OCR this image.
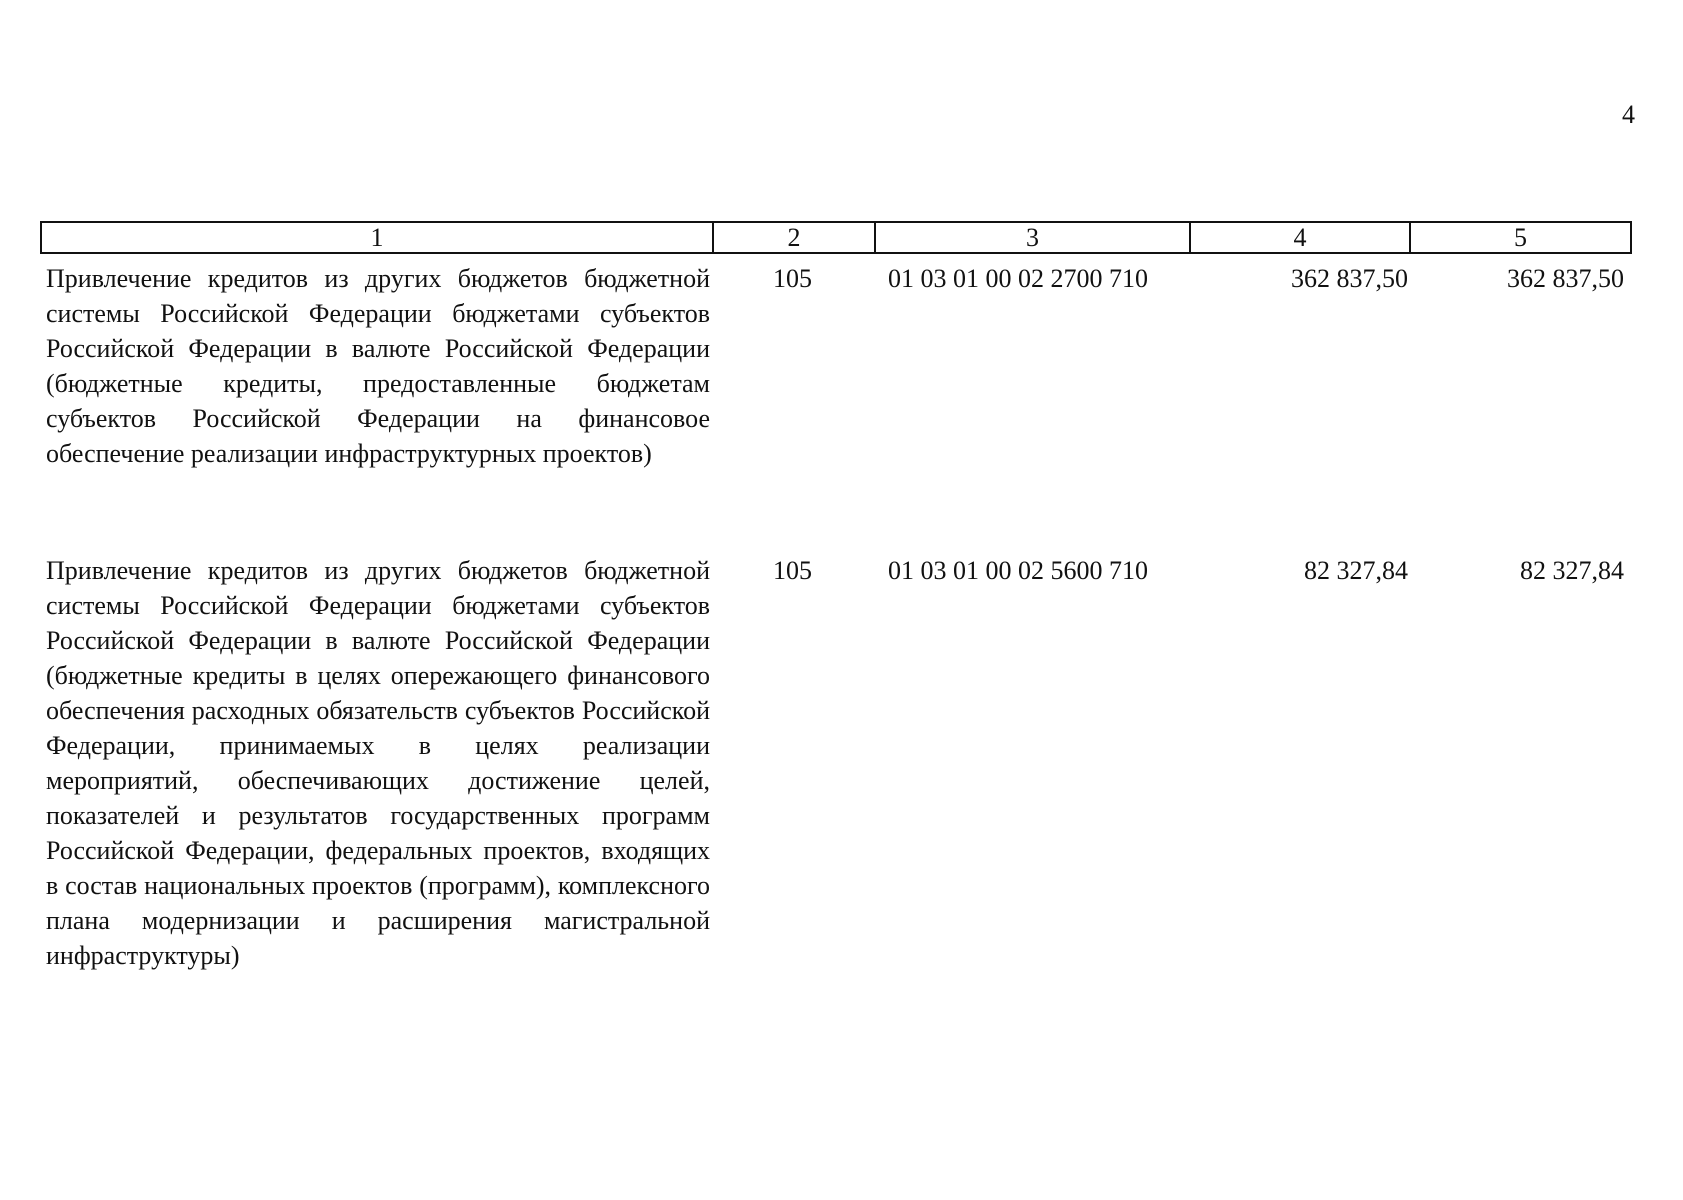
4
1	2	3	4	5
Привлечение кредитов из других бюджетов бюджетной системы Российской Федерации бюджетами субъектов Российской Федерации в валюте Российской Федерации (бюджетные кредиты, предоставленные бюджетам субъектов Российской Федерации на финансовое обеспечение реализации инфраструктурных проектов)
105	01 03 01 00 02 2700 710	362 837,50	362 837,50
Привлечение кредитов из других бюджетов бюджетной системы Российской Федерации бюджетами субъектов Российской Федерации в валюте Российской Федерации (бюджетные кредиты в целях опережающего финансового обеспечения расходных обязательств субъектов Российской Федерации, принимаемых в целях реализации мероприятий, обеспечивающих достижение целей, показателей и результатов государственных программ Российской Федерации, федеральных проектов, входящих в состав национальных проектов (программ), комплексного плана модернизации и расширения магистральной инфраструктуры)
105	01 03 01 00 02 5600 710	82 327,84	82 327,84
